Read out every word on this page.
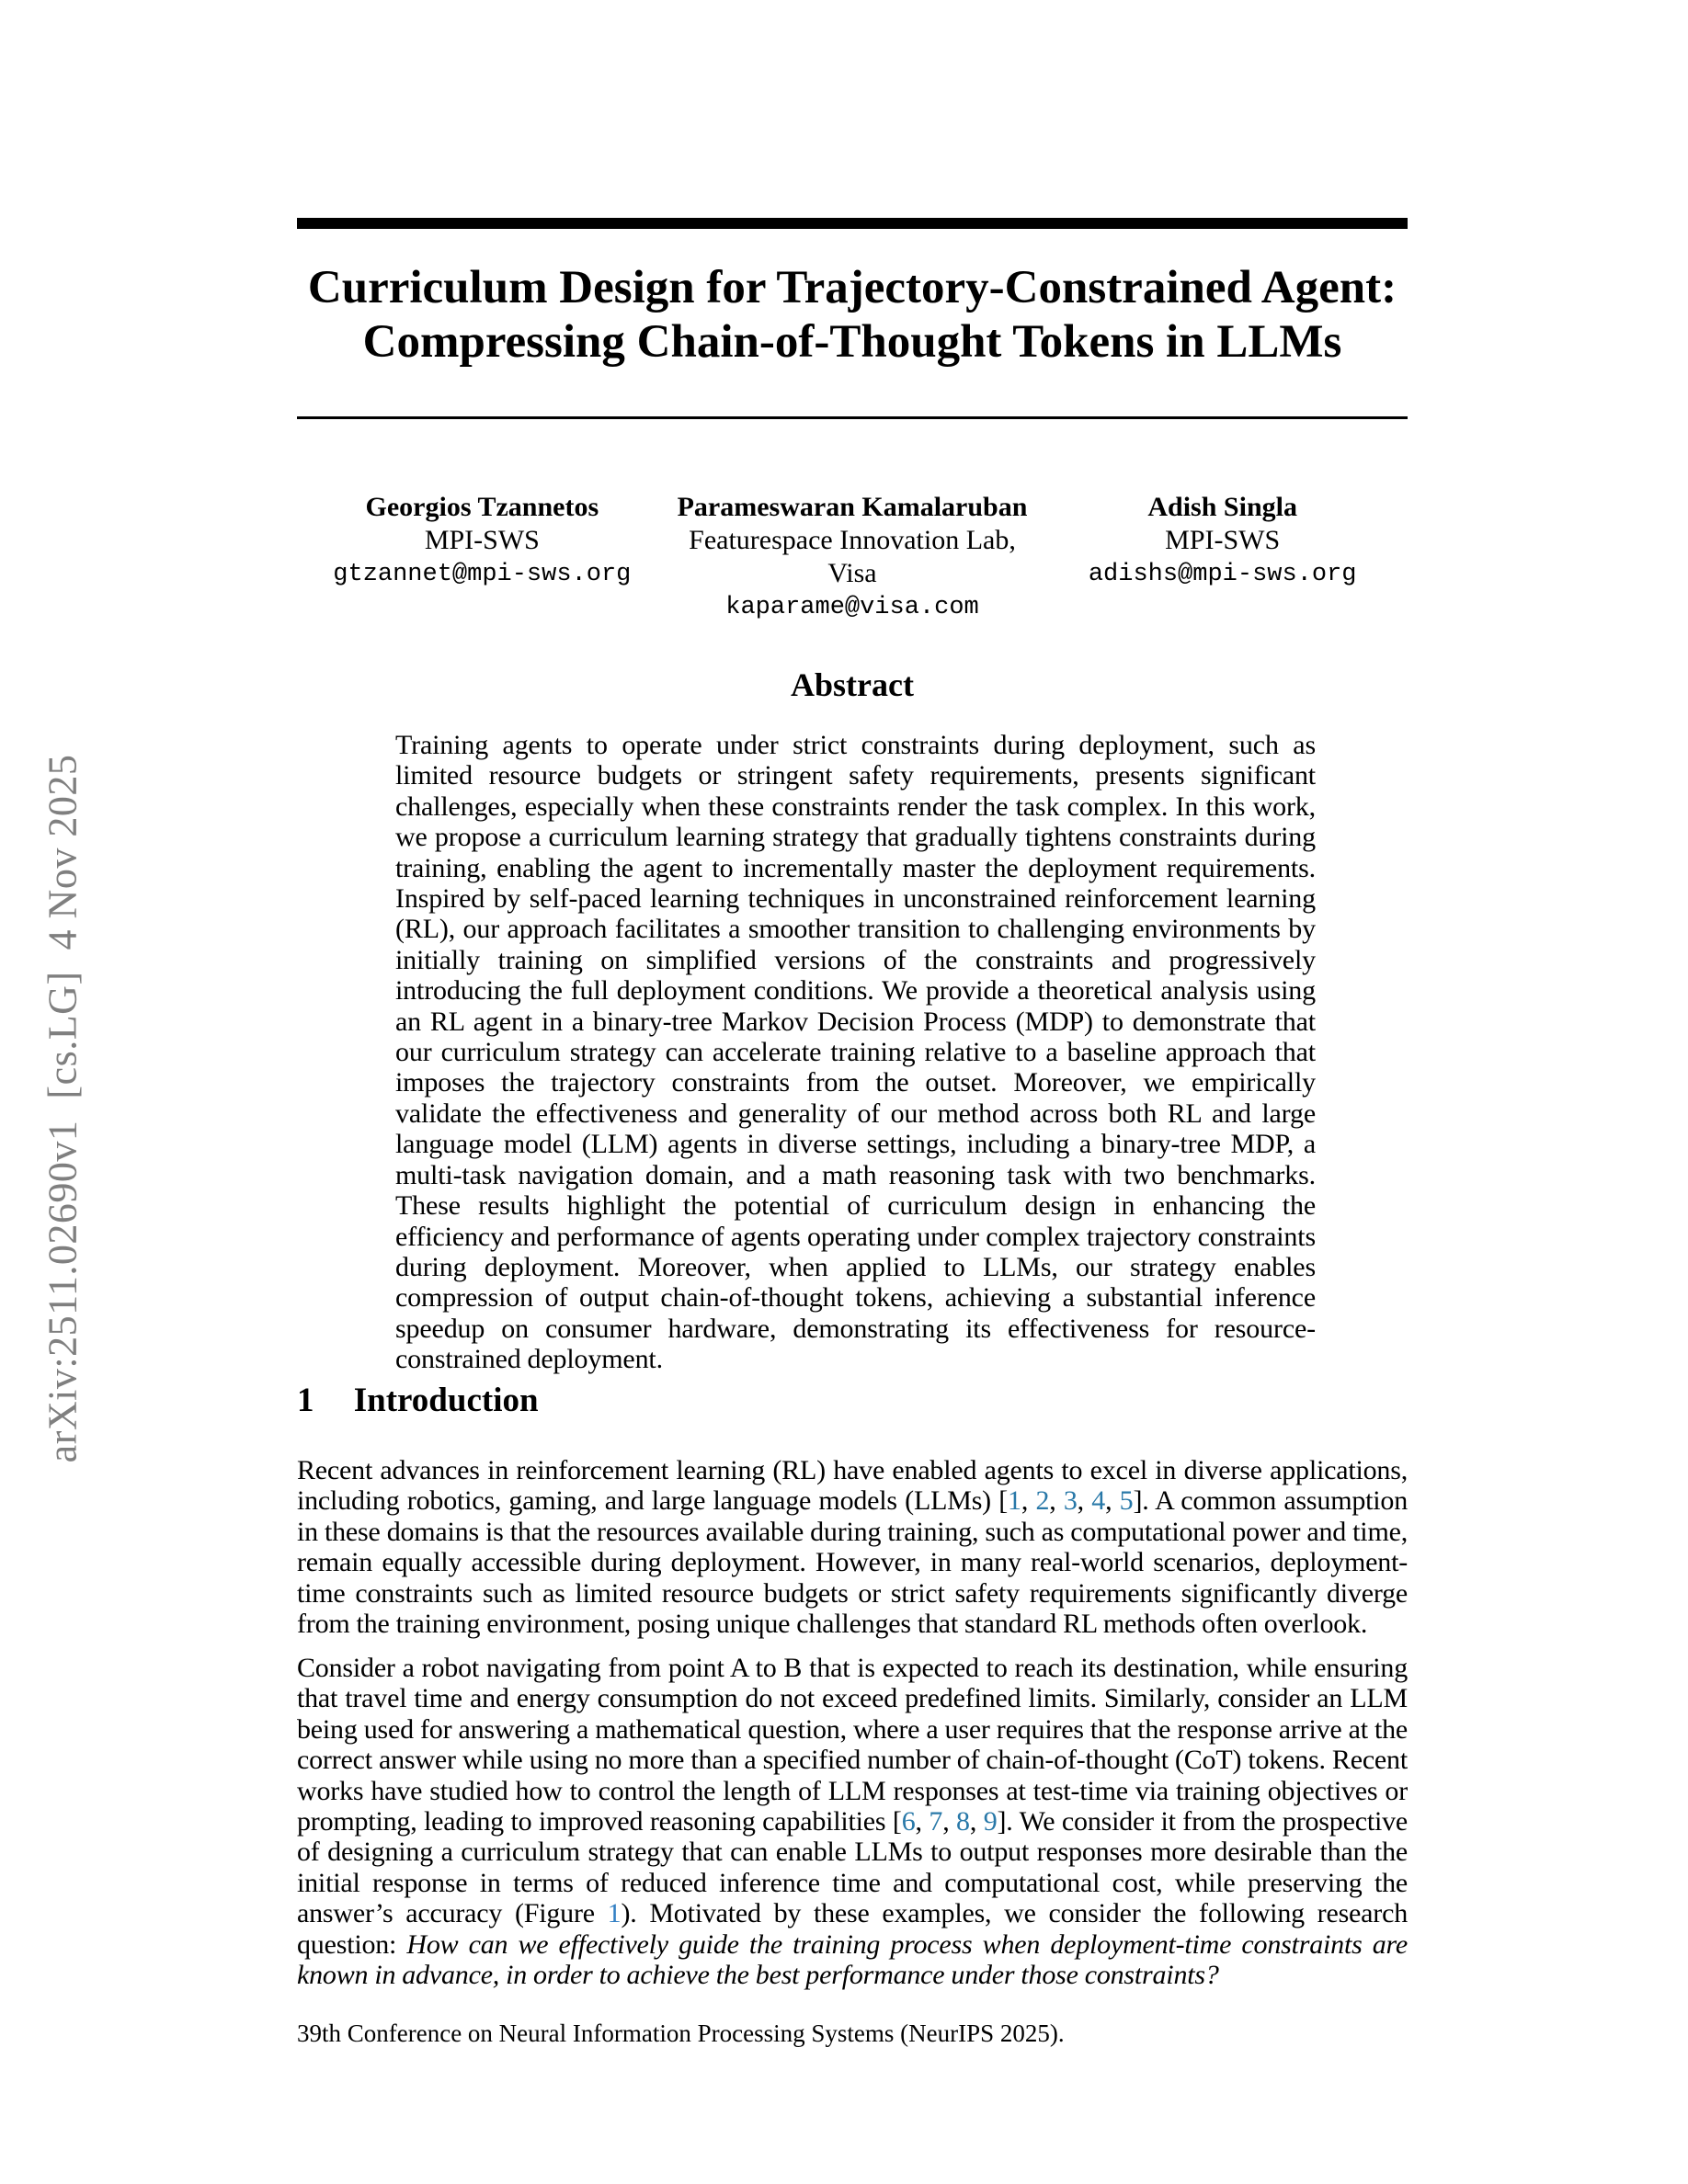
arXiv:2511.02690v1  [cs.LG]  4 Nov 2025
Curriculum Design for Trajectory-Constrained Agent:
Compressing Chain-of-Thought Tokens in LLMs
Georgios Tzannetos
MPI-SWS
gtzannet@mpi-sws.org
Parameswaran Kamalaruban
Featurespace Innovation Lab, Visa
kaparame@visa.com
Adish Singla
MPI-SWS
adishs@mpi-sws.org
Abstract
Training agents to operate under strict constraints during deployment, such as limited resource budgets or stringent safety requirements, presents significant challenges, especially when these constraints render the task complex. In this work, we propose a curriculum learning strategy that gradually tightens constraints during training, enabling the agent to incrementally master the deployment requirements. Inspired by self-paced learning techniques in unconstrained reinforcement learning (RL), our approach facilitates a smoother transition to challenging environments by initially training on simplified versions of the constraints and progressively introducing the full deployment conditions. We provide a theoretical analysis using an RL agent in a binary-tree Markov Decision Process (MDP) to demonstrate that our curriculum strategy can accelerate training relative to a baseline approach that imposes the trajectory constraints from the outset. Moreover, we empirically validate the effectiveness and generality of our method across both RL and large language model (LLM) agents in diverse settings, including a binary-tree MDP, a multi-task navigation domain, and a math reasoning task with two benchmarks. These results highlight the potential of curriculum design in enhancing the efficiency and performance of agents operating under complex trajectory constraints during deployment. Moreover, when applied to LLMs, our strategy enables compression of output chain-of-thought tokens, achieving a substantial inference speedup on consumer hardware, demonstrating its effectiveness for resource-constrained deployment.
1 Introduction

Recent advances in reinforcement learning (RL) have enabled agents to excel in diverse applications, including robotics, gaming, and large language models (LLMs) [1, 2, 3, 4, 5]. A common assumption in these domains is that the resources available during training, such as computational power and time, remain equally accessible during deployment. However, in many real-world scenarios, deployment-time constraints such as limited resource budgets or strict safety requirements significantly diverge from the training environment, posing unique challenges that standard RL methods often overlook.

Consider a robot navigating from point A to B that is expected to reach its destination, while ensuring that travel time and energy consumption do not exceed predefined limits. Similarly, consider an LLM being used for answering a mathematical question, where a user requires that the response arrive at the correct answer while using no more than a specified number of chain-of-thought (CoT) tokens. Recent works have studied how to control the length of LLM responses at test-time via training objectives or prompting, leading to improved reasoning capabilities [6, 7, 8, 9]. We consider it from the prospective of designing a curriculum strategy that can enable LLMs to output responses more desirable than the initial response in terms of reduced inference time and computational cost, while preserving the answer’s accuracy (Figure 1). Motivated by these examples, we consider the following research question: How can we effectively guide the training process when deployment-time constraints are known in advance, in order to achieve the best performance under those constraints?

39th Conference on Neural Information Processing Systems (NeurIPS 2025).
